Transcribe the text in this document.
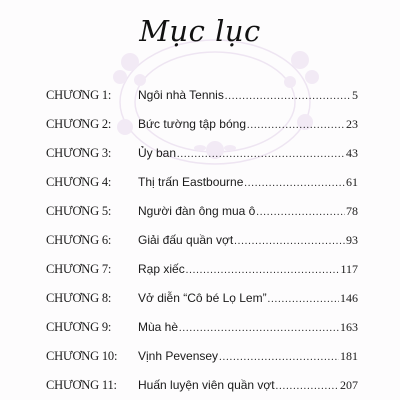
Mục lục
CHƯƠNG 1:	Ngôi nhà Tennis .....	5
CHƯƠNG 2:	Bức tường tập bóng .....	23
CHƯƠNG 3:	Ủy ban .....	43
CHƯƠNG 4:	Thị trấn Eastbourne .....	61
CHƯƠNG 5:	Người đàn ông mua ô .....	78
CHƯƠNG 6:	Giải đấu quần vợt .....	93
CHƯƠNG 7:	Rạp xiếc .....	117
CHƯƠNG 8:	Vở diễn “Cô bé Lọ Lem” .....	146
CHƯƠNG 9:	Mùa hè .....	163
CHƯƠNG 10:	Vịnh Pevensey .....	181
CHƯƠNG 11:	Huấn luyện viên quần vợt .....	207
